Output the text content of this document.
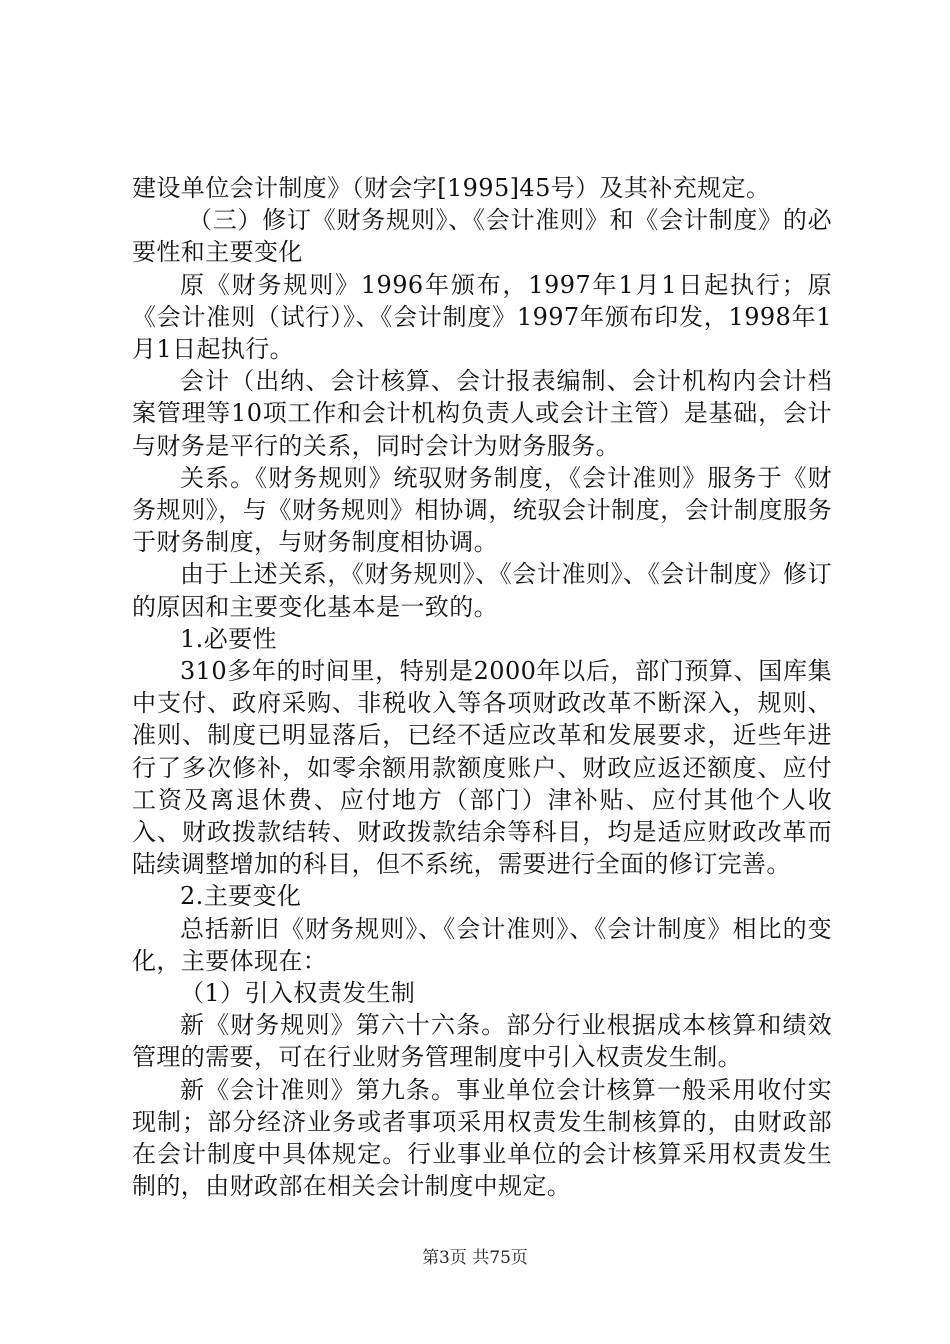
建设单位会计制度》（财会字[1995]45号）及其补充规定。

（三）修订《财务规则》、《会计准则》和《会计制度》的必要性和主要变化

原《财务规则》1996年颁布，1997年1月1日起执行；原《会计准则（试行）》、《会计制度》1997年颁布印发，1998年1月1日起执行。

会计（出纳、会计核算、会计报表编制、会计机构内会计档案管理等10项工作和会计机构负责人或会计主管）是基础，会计与财务是平行的关系，同时会计为财务服务。

关系。《财务规则》统驭财务制度，《会计准则》服务于《财务规则》，与《财务规则》相协调，统驭会计制度，会计制度服务于财务制度，与财务制度相协调。

由于上述关系，《财务规则》、《会计准则》、《会计制度》修订的原因和主要变化基本是一致的。

1.必要性

310多年的时间里，特别是2000年以后，部门预算、国库集中支付、政府采购、非税收入等各项财政改革不断深入，规则、准则、制度已明显落后，已经不适应改革和发展要求，近些年进行了多次修补，如零余额用款额度账户、财政应返还额度、应付工资及离退休费、应付地方（部门）津补贴、应付其他个人收入、财政拨款结转、财政拨款结余等科目，均是适应财政改革而陆续调整增加的科目，但不系统，需要进行全面的修订完善。

2.主要变化

总括新旧《财务规则》、《会计准则》、《会计制度》相比的变化，主要体现在：

（1）引入权责发生制

新《财务规则》第六十六条。部分行业根据成本核算和绩效管理的需要，可在行业财务管理制度中引入权责发生制。

新《会计准则》第九条。事业单位会计核算一般采用收付实现制；部分经济业务或者事项采用权责发生制核算的，由财政部在会计制度中具体规定。行业事业单位的会计核算采用权责发生制的，由财政部在相关会计制度中规定。

第3页 共75页
